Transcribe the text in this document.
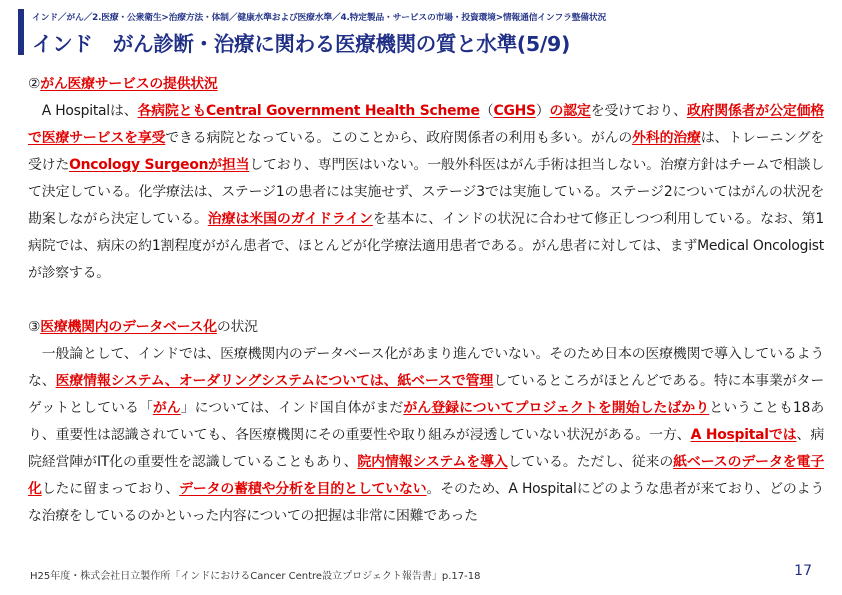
インド／がん／2.医療・公衆衛生>治療方法・体制／健康水準および医療水準／4.特定製品・サービスの市場・投資環境>情報通信インフラ整備状況
インド　がん診断・治療に関わる医療機関の質と水準(5/9)

②がん医療サービスの提供状況

　A Hospitalは、各病院ともCentral Government Health Scheme（CGHS）の認定を受けており、政府関係者が公定価格で医療サービスを享受できる病院となっている。このことから、政府関係者の利用も多い。がんの外科的治療は、トレーニングを受けたOncology Surgeonが担当しており、専門医はいない。一般外科医はがん手術は担当しない。治療方針はチームで相談して決定している。化学療法は、ステージ1の患者には実施せず、ステージ3では実施している。ステージ2についてはがんの状況を勘案しながら決定している。治療は米国のガイドラインを基本に、インドの状況に合わせて修正しつつ利用している。なお、第1病院では、病床の約1割程度ががん患者で、ほとんどが化学療法適用患者である。がん患者に対しては、まずMedical Oncologistが診察する。

③医療機関内のデータベース化の状況

　一般論として、インドでは、医療機関内のデータベース化があまり進んでいない。そのため日本の医療機関で導入しているような、医療情報システム、オーダリングシステムについては、紙ベースで管理しているところがほとんどである。特に本事業がターゲットとしている「がん」については、インド国自体がまだがん登録についてプロジェクトを開始したばかりということも18あり、重要性は認識されていても、各医療機関にその重要性や取り組みが浸透していない状況がある。一方、A Hospitalでは、病院経営陣がIT化の重要性を認識していることもあり、院内情報システムを導入している。ただし、従来の紙ベースのデータを電子化したに留まっており、データの蓄積や分析を目的としていない。そのため、A Hospitalにどのような患者が来ており、どのような治療をしているのかといった内容についての把握は非常に困難であった

H25年度・株式会社日立製作所「インドにおけるCancer Centre設立プロジェクト報告書」p.17-18	17
